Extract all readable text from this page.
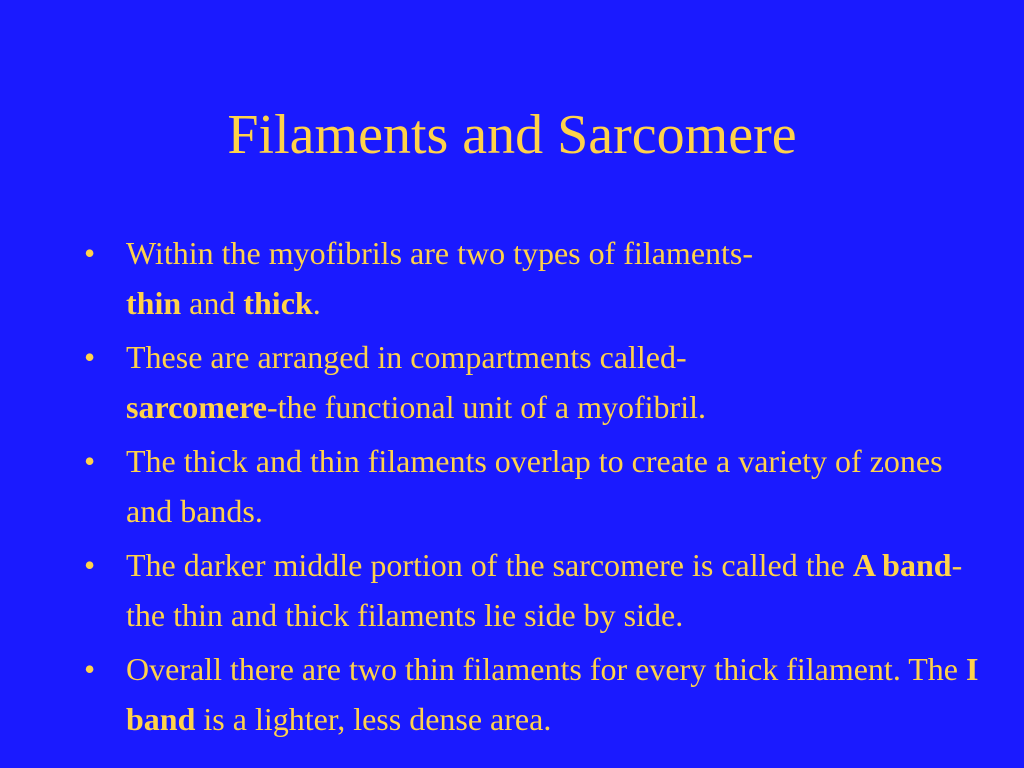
Filaments and Sarcomere
• Within the myofibrils are two types of filaments-
thin and thick.
• These are arranged in compartments called-
sarcomere-the functional unit of a myofibril.
• The thick and thin filaments overlap to create a variety of zones and bands.
• The darker middle portion of the sarcomere is called the A band-the thin and thick filaments lie side by side.
• Overall there are two thin filaments for every thick filament. The I band is a lighter, less dense area.
